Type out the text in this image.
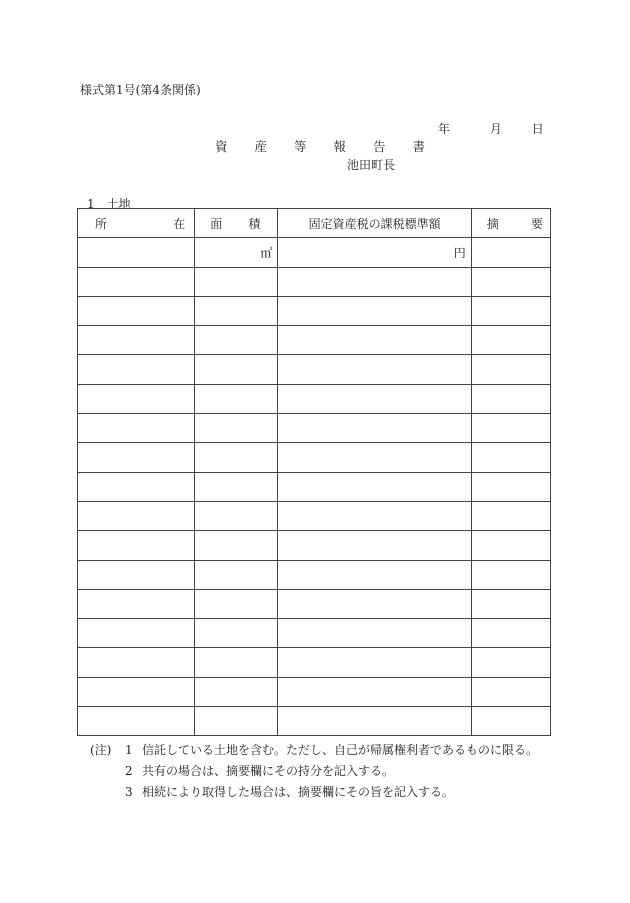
様式第1号(第4条関係)
年	月 日
資 産 等 報 告 書
池田町長
1　土地
所 在	面 積	固定資産税の課税標準額	摘 要

	㎡	円	

(注)	1 信託している土地を含む。ただし、自己が帰属権利者であるものに限る。
2 共有の場合は、摘要欄にその持分を記入する。
3 相続により取得した場合は、摘要欄にその旨を記入する。
